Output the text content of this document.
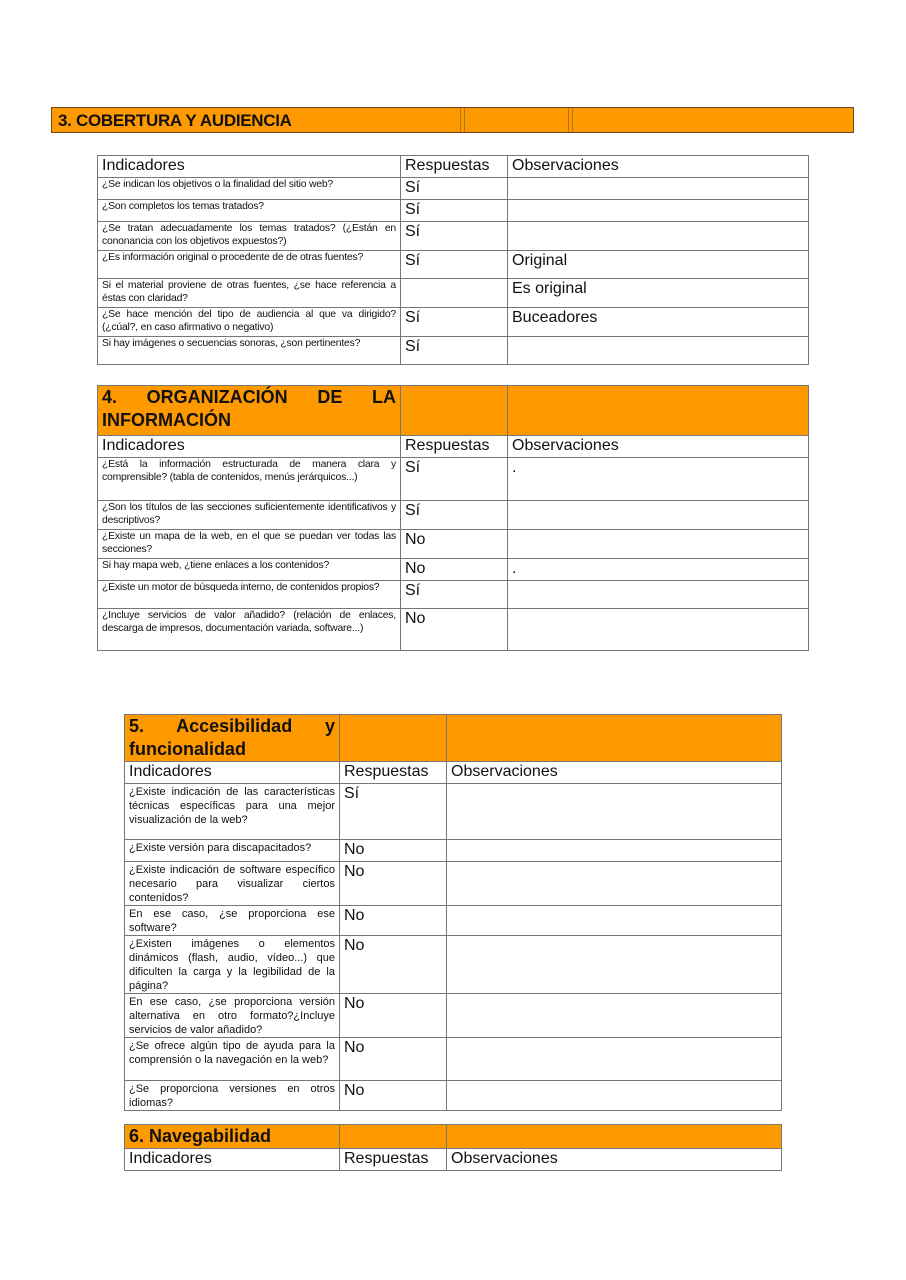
3. COBERTURA Y AUDIENCIA
Indicadores	Respuestas	Observaciones
¿Se indican los objetivos o la finalidad del sitio web?	Sí	
¿Son completos los temas tratados?	Sí	
¿Se tratan adecuadamente los temas tratados? (¿Están en cononancia con los objetivos expuestos?)	Sí	
¿Es información original o procedente de de otras fuentes?	Sí	Original
Si el material proviene de otras fuentes, ¿se hace referencia a éstas con claridad?		Es original
¿Se hace mención del tipo de audiencia al que va dirigido? (¿cúal?, en caso afirmativo o negativo)	Sí	Buceadores
Si hay imágenes o secuencias sonoras, ¿son pertinentes?	Sí	
4. ORGANIZACIÓN DE LA INFORMACIÓN		
Indicadores	Respuestas	Observaciones
¿Está la información estructurada de manera clara y comprensible? (tabla de contenidos, menús jerárquicos...)	Sí	.
¿Son los títulos de las secciones suficientemente identificativos y descriptivos?	Sí	
¿Existe un mapa de la web, en el que se puedan ver todas las secciones?	No	
Si hay mapa web, ¿tiene enlaces a los contenidos?	No	.
¿Existe un motor de búsqueda interno, de contenidos propios?	Sí	
¿Incluye servicios de valor añadido? (relación de enlaces, descarga de impresos, documentación variada, software...)	No	
5. Accesibilidad y funcionalidad		
Indicadores	Respuestas	Observaciones
¿Existe indicación de las características técnicas específicas para una mejor visualización de la web?	Sí	
¿Existe versión para discapacitados?	No	
¿Existe indicación de software específico necesario para visualizar ciertos contenidos?	No	
En ese caso, ¿se proporciona ese software?	No	
¿Existen imágenes o elementos dinámicos (flash, audio, vídeo...) que dificulten la carga y la legibilidad de la página?	No	
En ese caso, ¿se proporciona versión alternativa en otro formato?¿Incluye servicios de valor añadido?	No	
¿Se ofrece algún tipo de ayuda para la comprensión o la navegación en la web?	No	
¿Se proporciona versiones en otros idiomas?	No	
6. Navegabilidad		
Indicadores	Respuestas	Observaciones
